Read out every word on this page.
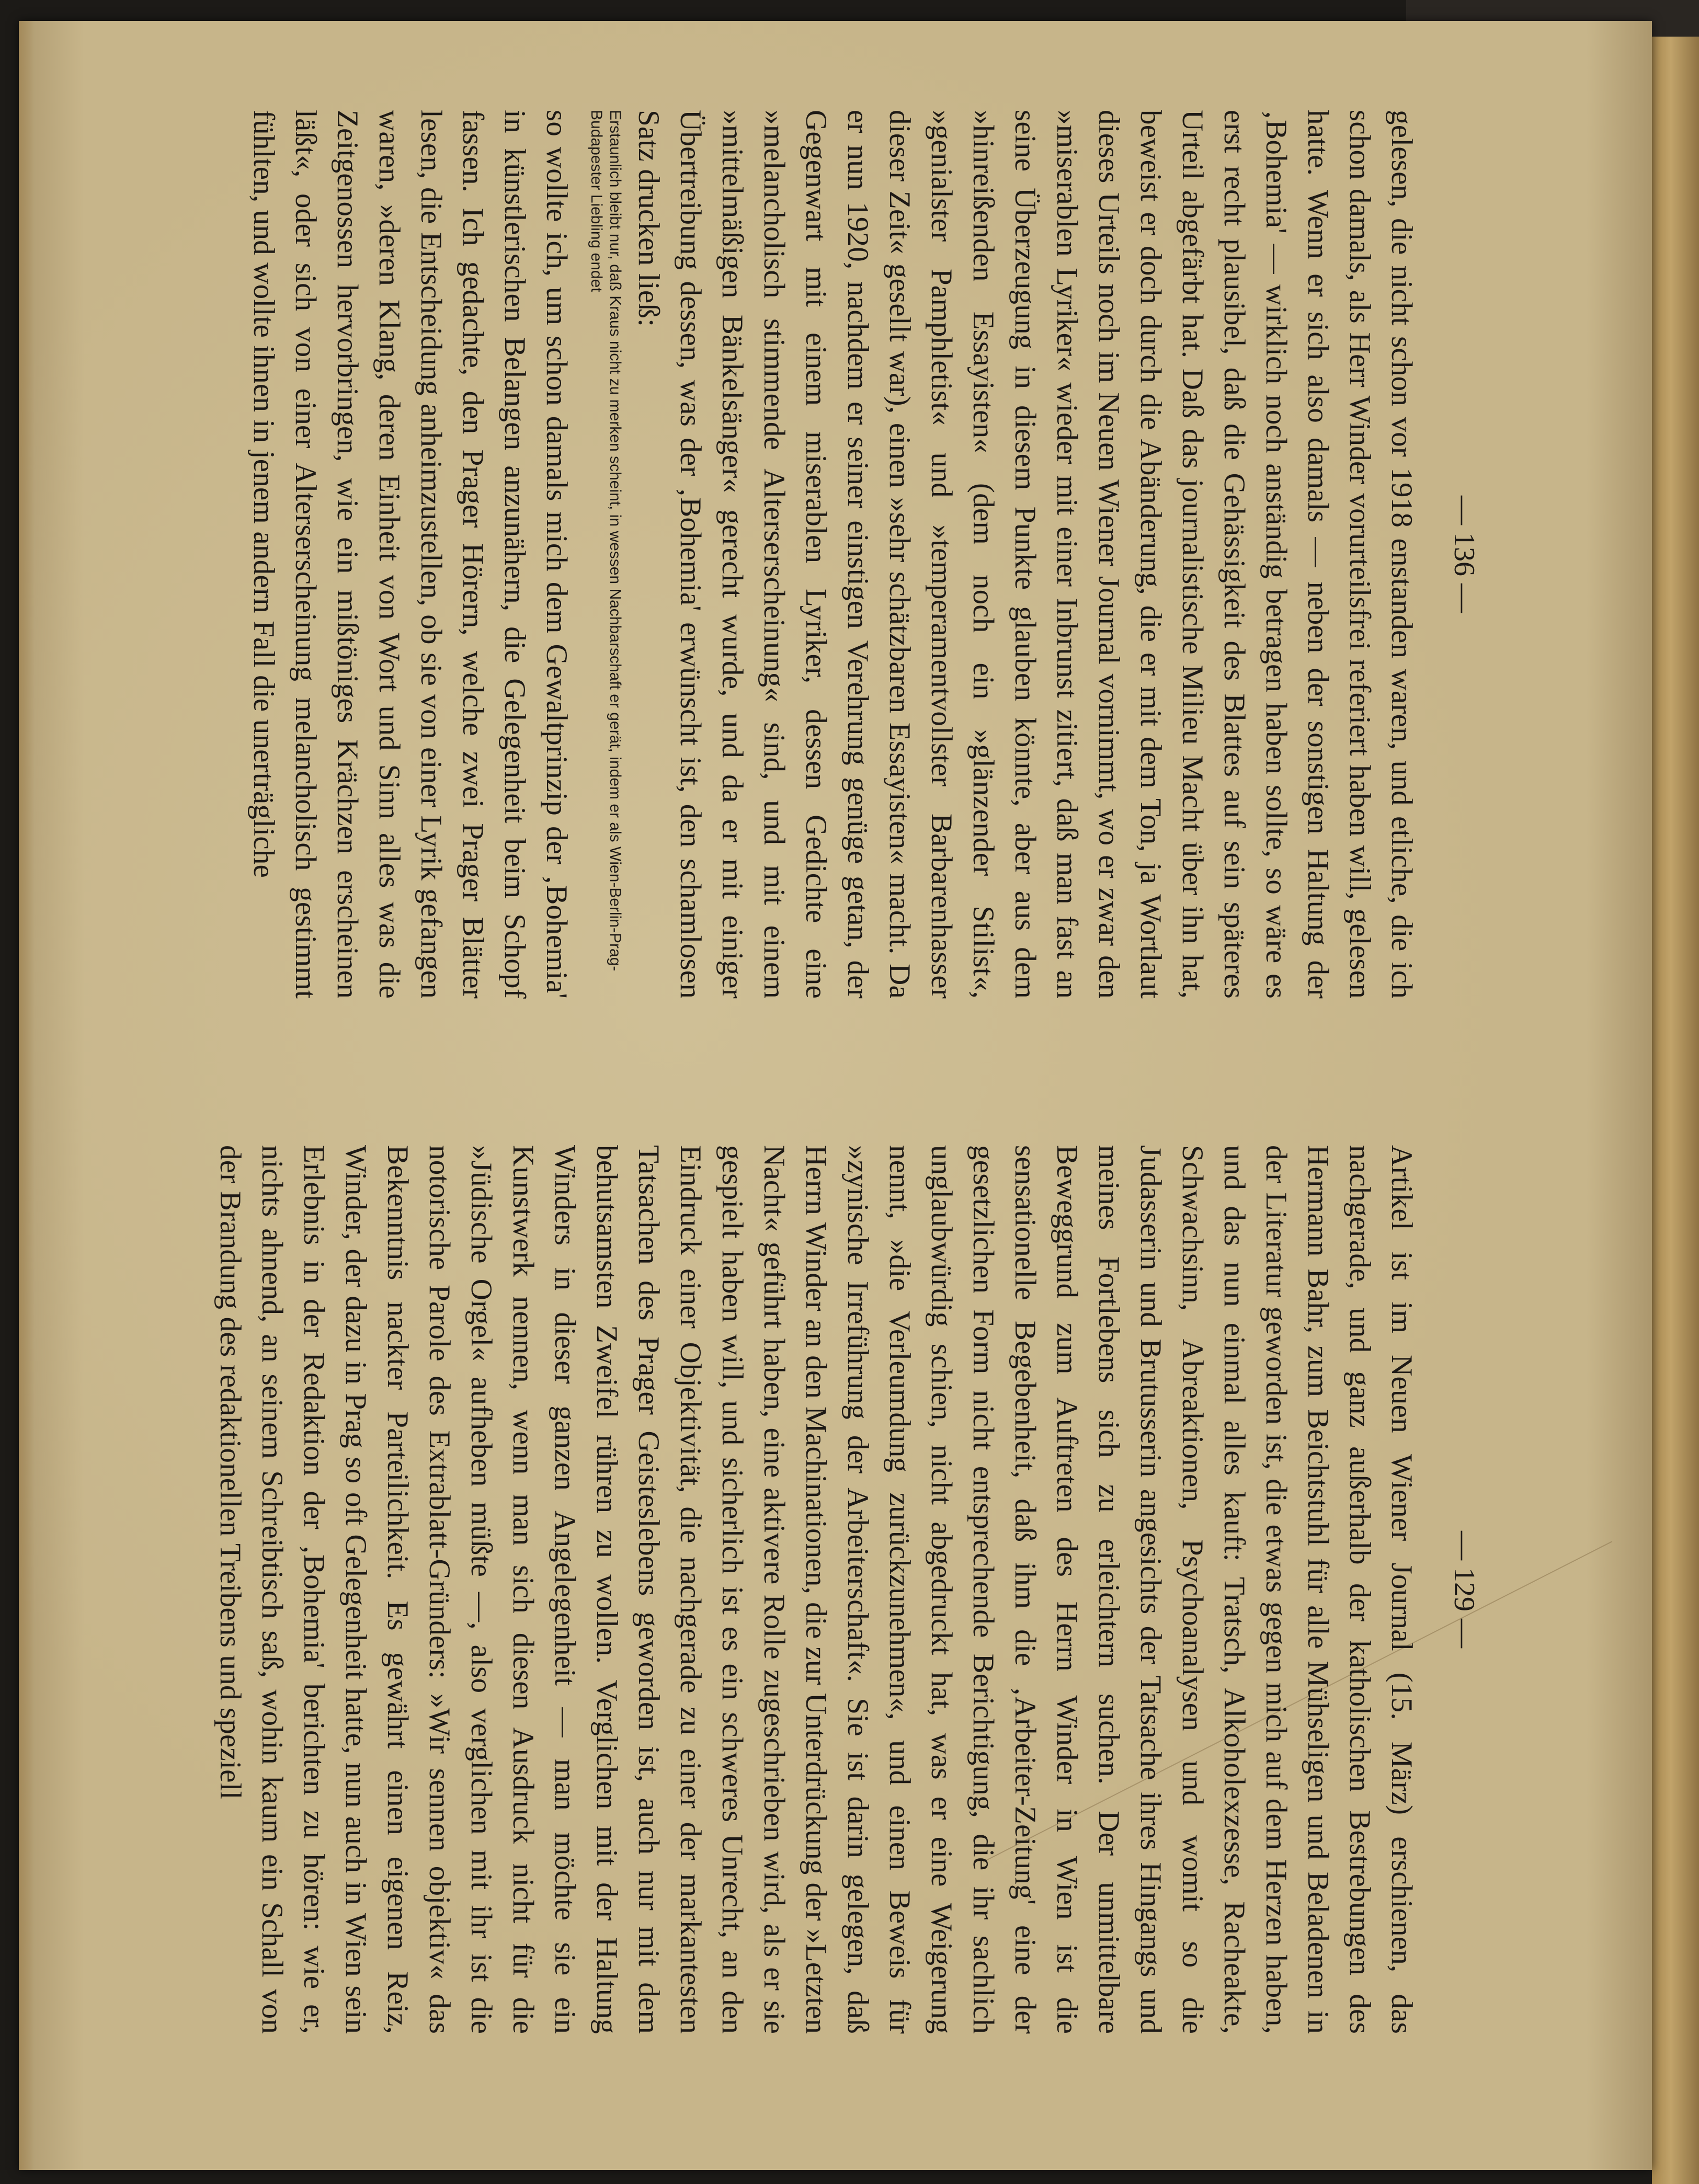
— 136 —
— 129 —

gelesen, die nicht schon vor 1918 enstanden waren, und etliche, die ich schon damals, als Herr Winder vorurteilsfrei referiert haben will, gelesen hatte. Wenn er sich also damals — neben der sonstigen Haltung der ‚Bohemia' — wirklich noch anständig betragen haben sollte, so wäre es erst recht plausibel, daß die Gehässigkeit des Blattes auf sein späteres Urteil abgefärbt hat. Daß das journalistische Milieu Macht über ihn hat, beweist er doch durch die Abänderung, die er mit dem Ton, ja Wortlaut dieses Urteils noch im Neuen Wiener Journal vornimmt, wo er zwar den »miserablen Lyriker« wieder mit einer Inbrunst zitiert, daß man fast an seine Überzeugung in diesem Punkte glauben könnte, aber aus dem »hinreißenden Essayisten« (dem noch ein »glänzender Stilist«, »genialster Pamphletist« und »temperamentvollster Barbarenhasser dieser Zeit« gesellt war), einen »sehr schätzbaren Essayisten« macht. Da er nun 1920, nachdem er seiner einstigen Verehrung genüge getan, der Gegenwart mit einem miserablen Lyriker, dessen Gedichte eine »melancholisch stimmende Alterserscheinung« sind, und mit einem »mittelmäßigen Bänkelsänger« gerecht wurde, und da er mit einiger Übertreibung dessen, was der ‚Bohemia' erwünscht ist, den schamlosen Satz drucken ließ:

Erstaunlich bleibt nur, daß Kraus nicht zu merken scheint, in wessen Nachbarschaft er gerät, indem er als Wien-Berlin-Prag-Budapester Liebling endet

so wollte ich, um schon damals mich dem Gewaltprinzip der ‚Bohemia' in künstlerischen Belangen anzunähern, die Gelegenheit beim Schopf fassen. Ich gedachte, den Prager Hörern, welche zwei Prager Blätter lesen, die Entscheidung anheimzustellen, ob sie von einer Lyrik gefangen waren, »deren Klang, deren Einheit von Wort und Sinn alles was die Zeitgenossen hervorbringen, wie ein mißtöniges Krächzen erscheinen läßt«, oder sich von einer Alterserscheinung melancholisch gestimmt fühlten, und wollte ihnen in jenem andern Fall die unerträgliche

Artikel ist im Neuen Wiener Journal (15. März) erschienen, das nachgerade, und ganz außerhalb der katholischen Bestrebungen des Hermann Bahr, zum Beichtstuhl für alle Mühseligen und Beladenen in der Literatur geworden ist, die etwas gegen mich auf dem Herzen haben, und das nun einmal alles kauft: Tratsch, Alkoholexzesse, Racheakte, Schwachsinn, Abreaktionen, Psychoanalysen und womit so die Judasserin und Brutusserin angesichts der Tatsache ihres Hingangs und meines Fortlebens sich zu erleichtern suchen. Der unmittelbare Beweggrund zum Auftreten des Herrn Winder in Wien ist die sensationelle Begebenheit, daß ihm die ‚Arbeiter-Zeitung' eine der gesetzlichen Form nicht entsprechende Berichtigung, die ihr sachlich unglaubwürdig schien, nicht abgedruckt hat, was er eine Weigerung nennt, »die Verleumdung zurückzunehmen«, und einen Beweis für »zynische Irreführung der Arbeiterschaft«. Sie ist darin gelegen, daß Herrn Winder an den Machinationen, die zur Unterdrückung der »Letzten Nacht« geführt haben, eine aktivere Rolle zugeschrieben wird, als er sie gespielt haben will, und sicherlich ist es ein schweres Unrecht, an den Eindruck einer Objektivität, die nachgerade zu einer der markantesten Tatsachen des Prager Geisteslebens geworden ist, auch nur mit dem behutsamsten Zweifel rühren zu wollen. Verglichen mit der Haltung Winders in dieser ganzen Angelegenheit — man möchte sie ein Kunstwerk nennen, wenn man sich diesen Ausdruck nicht für die »Jüdische Orgel« aufheben müßte —, also verglichen mit ihr ist die notorische Parole des Extrablatt-Gründers: »Wir sennen objektiv« das Bekenntnis nackter Parteilichkeit. Es gewährt einen eigenen Reiz, Winder, der dazu in Prag so oft Gelegenheit hatte, nun auch in Wien sein Erlebnis in der Redaktion der ‚Bohemia' berichten zu hören: wie er, nichts ahnend, an seinem Schreibtisch saß, wohin kaum ein Schall von der Brandung des redaktionellen Treibens und speziell
